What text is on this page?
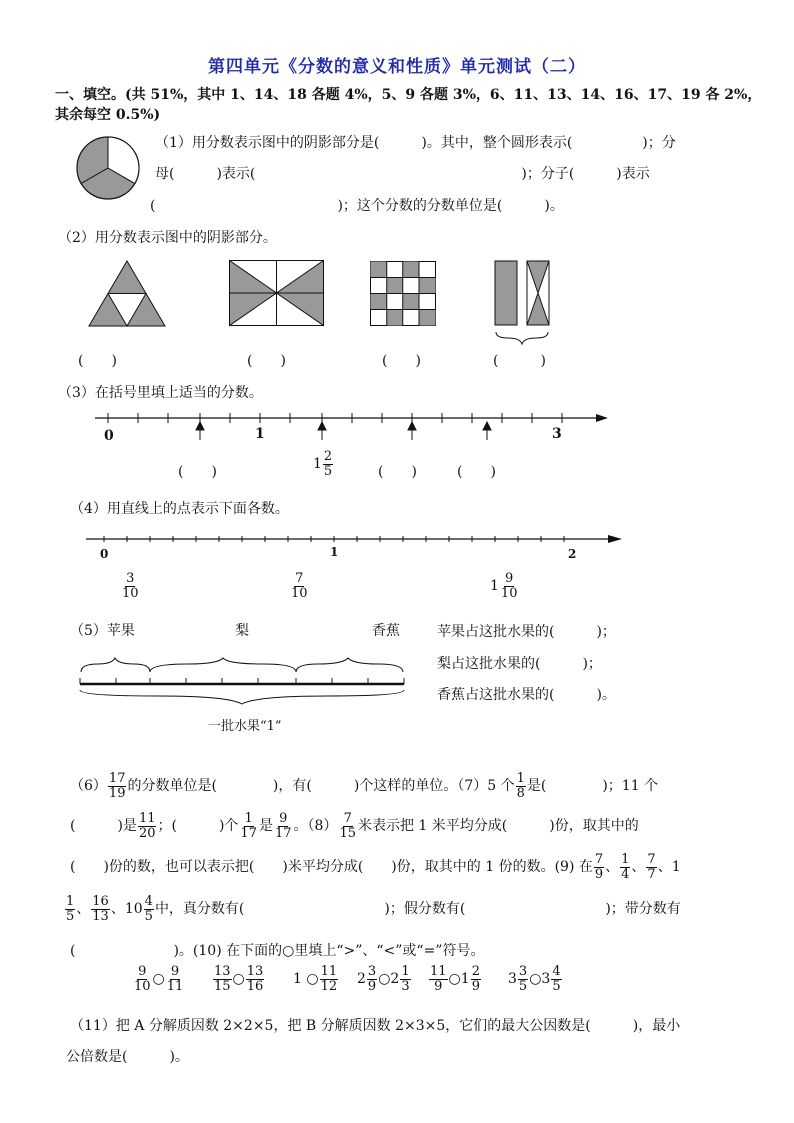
第四单元《分数的意义和性质》单元测试（二）
一、填空。(共 51%，其中 1、14、18 各题 4%，5、9 各题 3%，6、11、13、14、16、17、19 各 2%，
其余每空 0.5%)
（1）用分数表示图中的阴影部分是(　　　)。其中，整个圆形表示(　　　　　)；分
母(　　　)表示(　　　　　　　　　　　　　　　　　　　)；分子(　　　)表示
(　　　　　　　　　　　　　)；这个分数的分数单位是(　　　)。
（2）用分数表示图中的阴影部分。
(　　)	(　　)	(　　)	(　　　)
（3）在括号里填上适当的分数。
0	1	3
(　　)	$1 \frac{2}{5}$	(　　)	(　　)
（4）用直线上的点表示下面各数。
0	1	2
$\frac{3}{10}$	$\frac{7}{10}$	$1 \frac{9}{10}$
（5）苹果	梨	香蕉	苹果占这批水果的(　　　)；
梨占这批水果的(　　　)；
香蕉占这批水果的(　　　)。
一批水果“1”
$(6) \frac{17}{19}$ 的分数单位是(　　　　)，有(　　　)个这样的单位。（7）5 个 $\frac{1}{8}$ 是(　　　　)；11 个
(　　　)是 $\frac{11}{20}$ ；(　　　)个 $\frac{1}{17}$ 是 $\frac{9}{17}$ 。$(8) \frac{7}{15}$ 米表示把 1 米平均分成(　　　)份，取其中的
(　　)份的数，也可以表示把(　　)米平均分成(　　)份，取其中的 1 份的数。(9) 在 $\frac{7}{9}$ 、 $\frac{1}{4}$ 、 $\frac{7}{7}$ 、1
$\frac{1}{5}$ 、 $\frac{16}{13}$ 、$10 \frac{4}{5}$ 中，真分数有(　　　　　　　　　　)；假分数有(　　　　　　　　　　)；带分数有
(　　　　　　　)。(10) 在下面的○里填上“>”、“<”或“=”符号。
$\frac{9}{10}$ ○ $\frac{9}{11} \frac{13}{15}$ ○ $\frac{13}{16} 1$ ○ $\frac{11}{12} 2 \frac{3}{9}$ ○2 $\frac{1}{3} \frac{11}{9}$ ○1 $\frac{2}{9} 3 \frac{3}{5}$ ○3 $\frac{4}{5}$
（11）把 A 分解质因数 2×2×5，把 B 分解质因数 2×3×5，它们的最大公因数是(　　　)，最小
公倍数是(　　　)。
